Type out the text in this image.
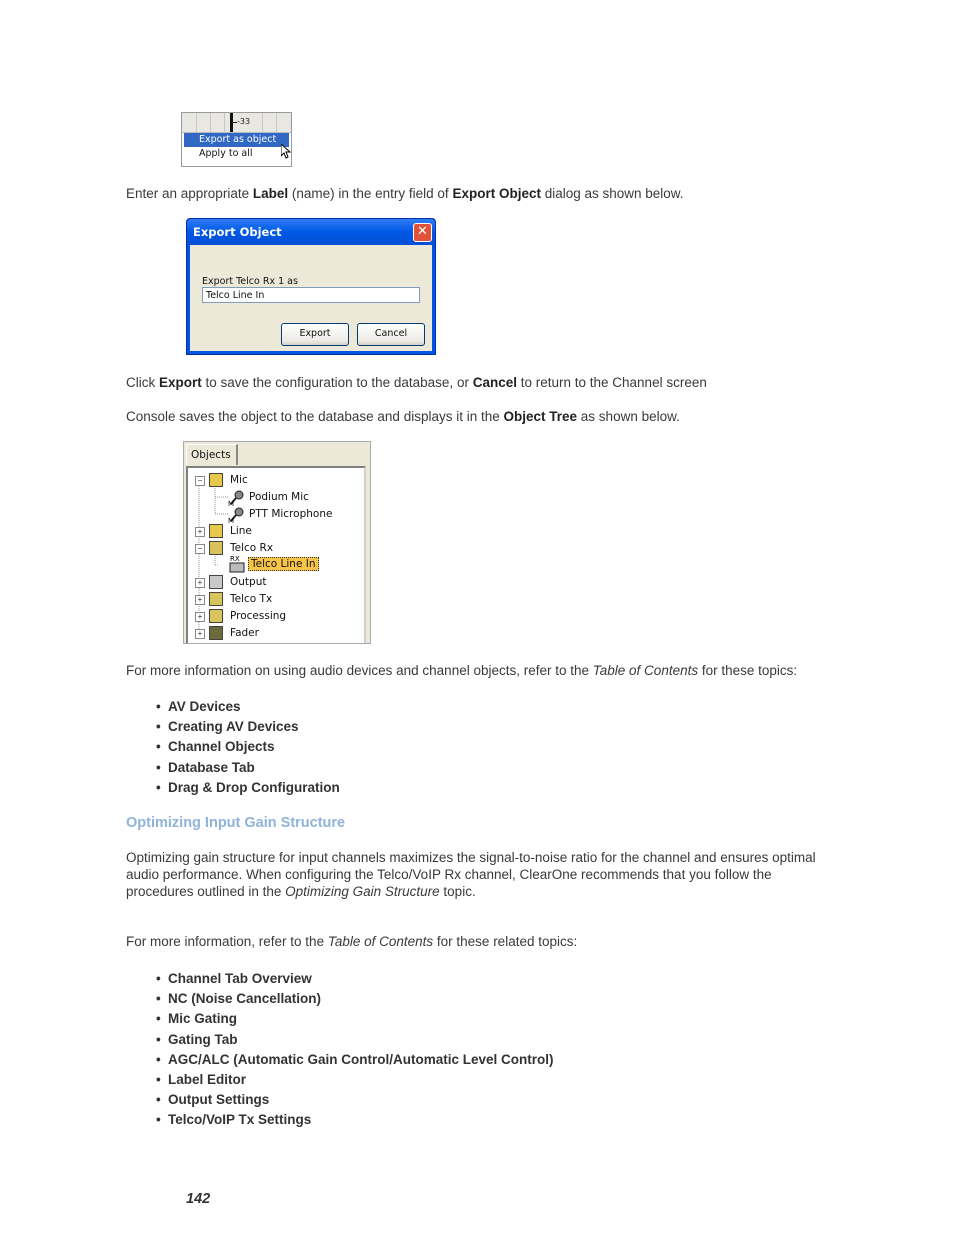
-33
Export as object
Apply to all
Enter an appropriate Label (name) in the entry field of Export Object dialog as shown below.
Export Object	✕
Export Telco Rx 1 as
Telco Line In
Export	Cancel
Click Export to save the configuration to the database, or Cancel to return to the Channel screen
Console saves the object to the database and displays it in the Object Tree as shown below.
Objects
−	Mic
M
Podium Mic
M
PTT Microphone
+	Line
−	Telco Rx
RX Telco Line In
+	Output
+	Telco Tx
+	Processing
+	Fader
For more information on using audio devices and channel objects, refer to the Table of Contents for these topics:
• AV Devices
• Creating AV Devices
• Channel Objects
• Database Tab
• Drag & Drop Configuration
Optimizing Input Gain Structure
Optimizing gain structure for input channels maximizes the signal-to-noise ratio for the channel and ensures optimal audio performance. When configuring the Telco/VoIP Rx channel, ClearOne recommends that you follow the procedures outlined in the Optimizing Gain Structure topic.
For more information, refer to the Table of Contents for these related topics:
• Channel Tab Overview
• NC (Noise Cancellation)
• Mic Gating
• Gating Tab
• AGC/ALC (Automatic Gain Control/Automatic Level Control)
• Label Editor
• Output Settings
• Telco/VoIP Tx Settings
142
